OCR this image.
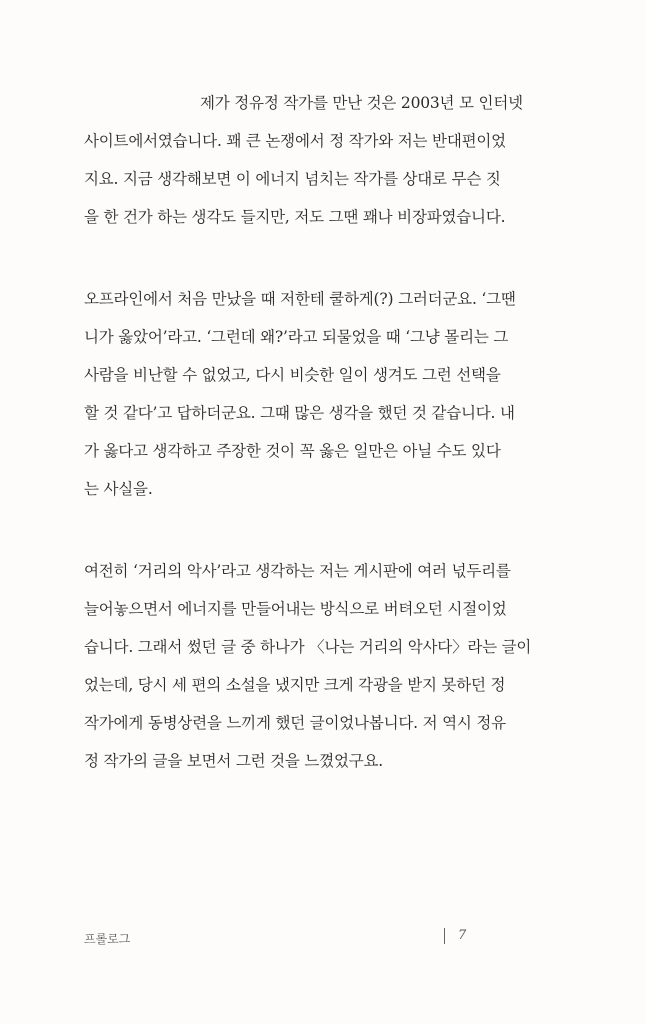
제가 정유정 작가를 만난 것은 2003년 모 인터넷
사이트에서였습니다. 꽤 큰 논쟁에서 정 작가와 저는 반대편이었
지요. 지금 생각해보면 이 에너지 넘치는 작가를 상대로 무슨 짓
을 한 건가 하는 생각도 들지만, 저도 그땐 꽤나 비장파였습니다.
오프라인에서 처음 만났을 때 저한테 쿨하게(?) 그러더군요. ‘그땐
니가 옳았어’라고. ‘그런데 왜?’라고 되물었을 때 ‘그냥 몰리는 그
사람을 비난할 수 없었고, 다시 비슷한 일이 생겨도 그런 선택을
할 것 같다’고 답하더군요. 그때 많은 생각을 했던 것 같습니다. 내
가 옳다고 생각하고 주장한 것이 꼭 옳은 일만은 아닐 수도 있다
는 사실을.
여전히 ‘거리의 악사’라고 생각하는 저는 게시판에 여러 넋두리를
늘어놓으면서 에너지를 만들어내는 방식으로 버텨오던 시절이었
습니다. 그래서 썼던 글 중 하나가 〈나는 거리의 악사다〉라는 글이
었는데, 당시 세 편의 소설을 냈지만 크게 각광을 받지 못하던 정
작가에게 동병상련을 느끼게 했던 글이었나봅니다. 저 역시 정유
정 작가의 글을 보면서 그런 것을 느꼈었구요.
프롤로그	7
